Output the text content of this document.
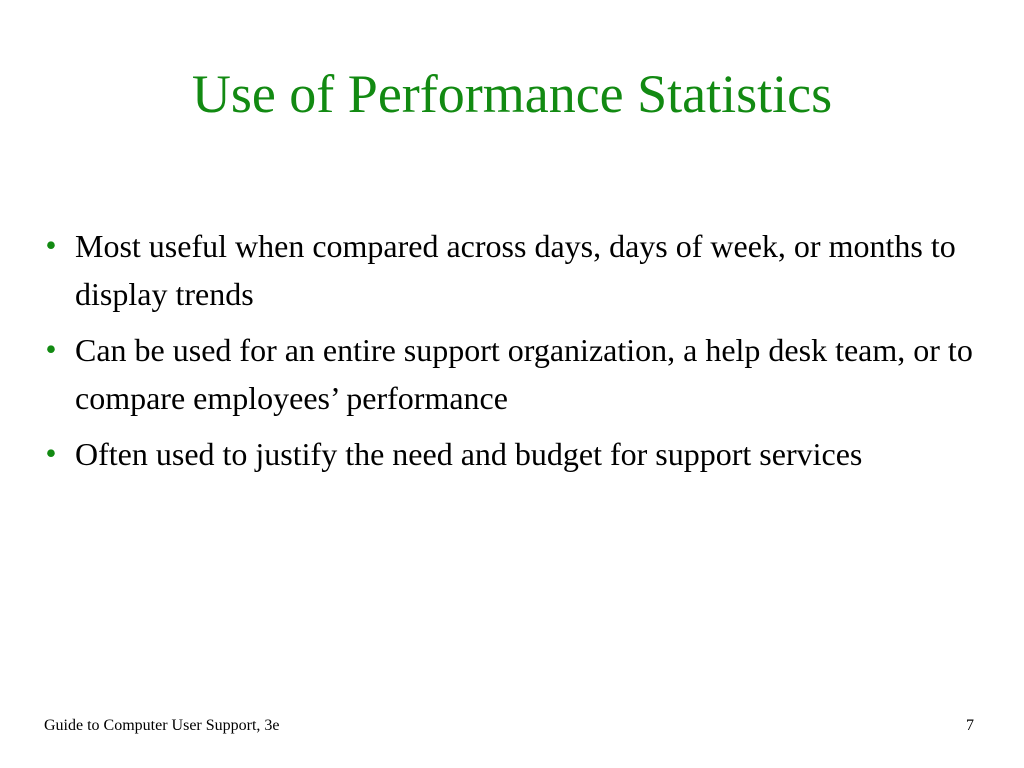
Use of Performance Statistics
• Most useful when compared across days, days of week, or months to display trends
• Can be used for an entire support organization, a help desk team, or to compare employees’ performance
• Often used to justify the need and budget for support services
Guide to Computer User Support, 3e	7
